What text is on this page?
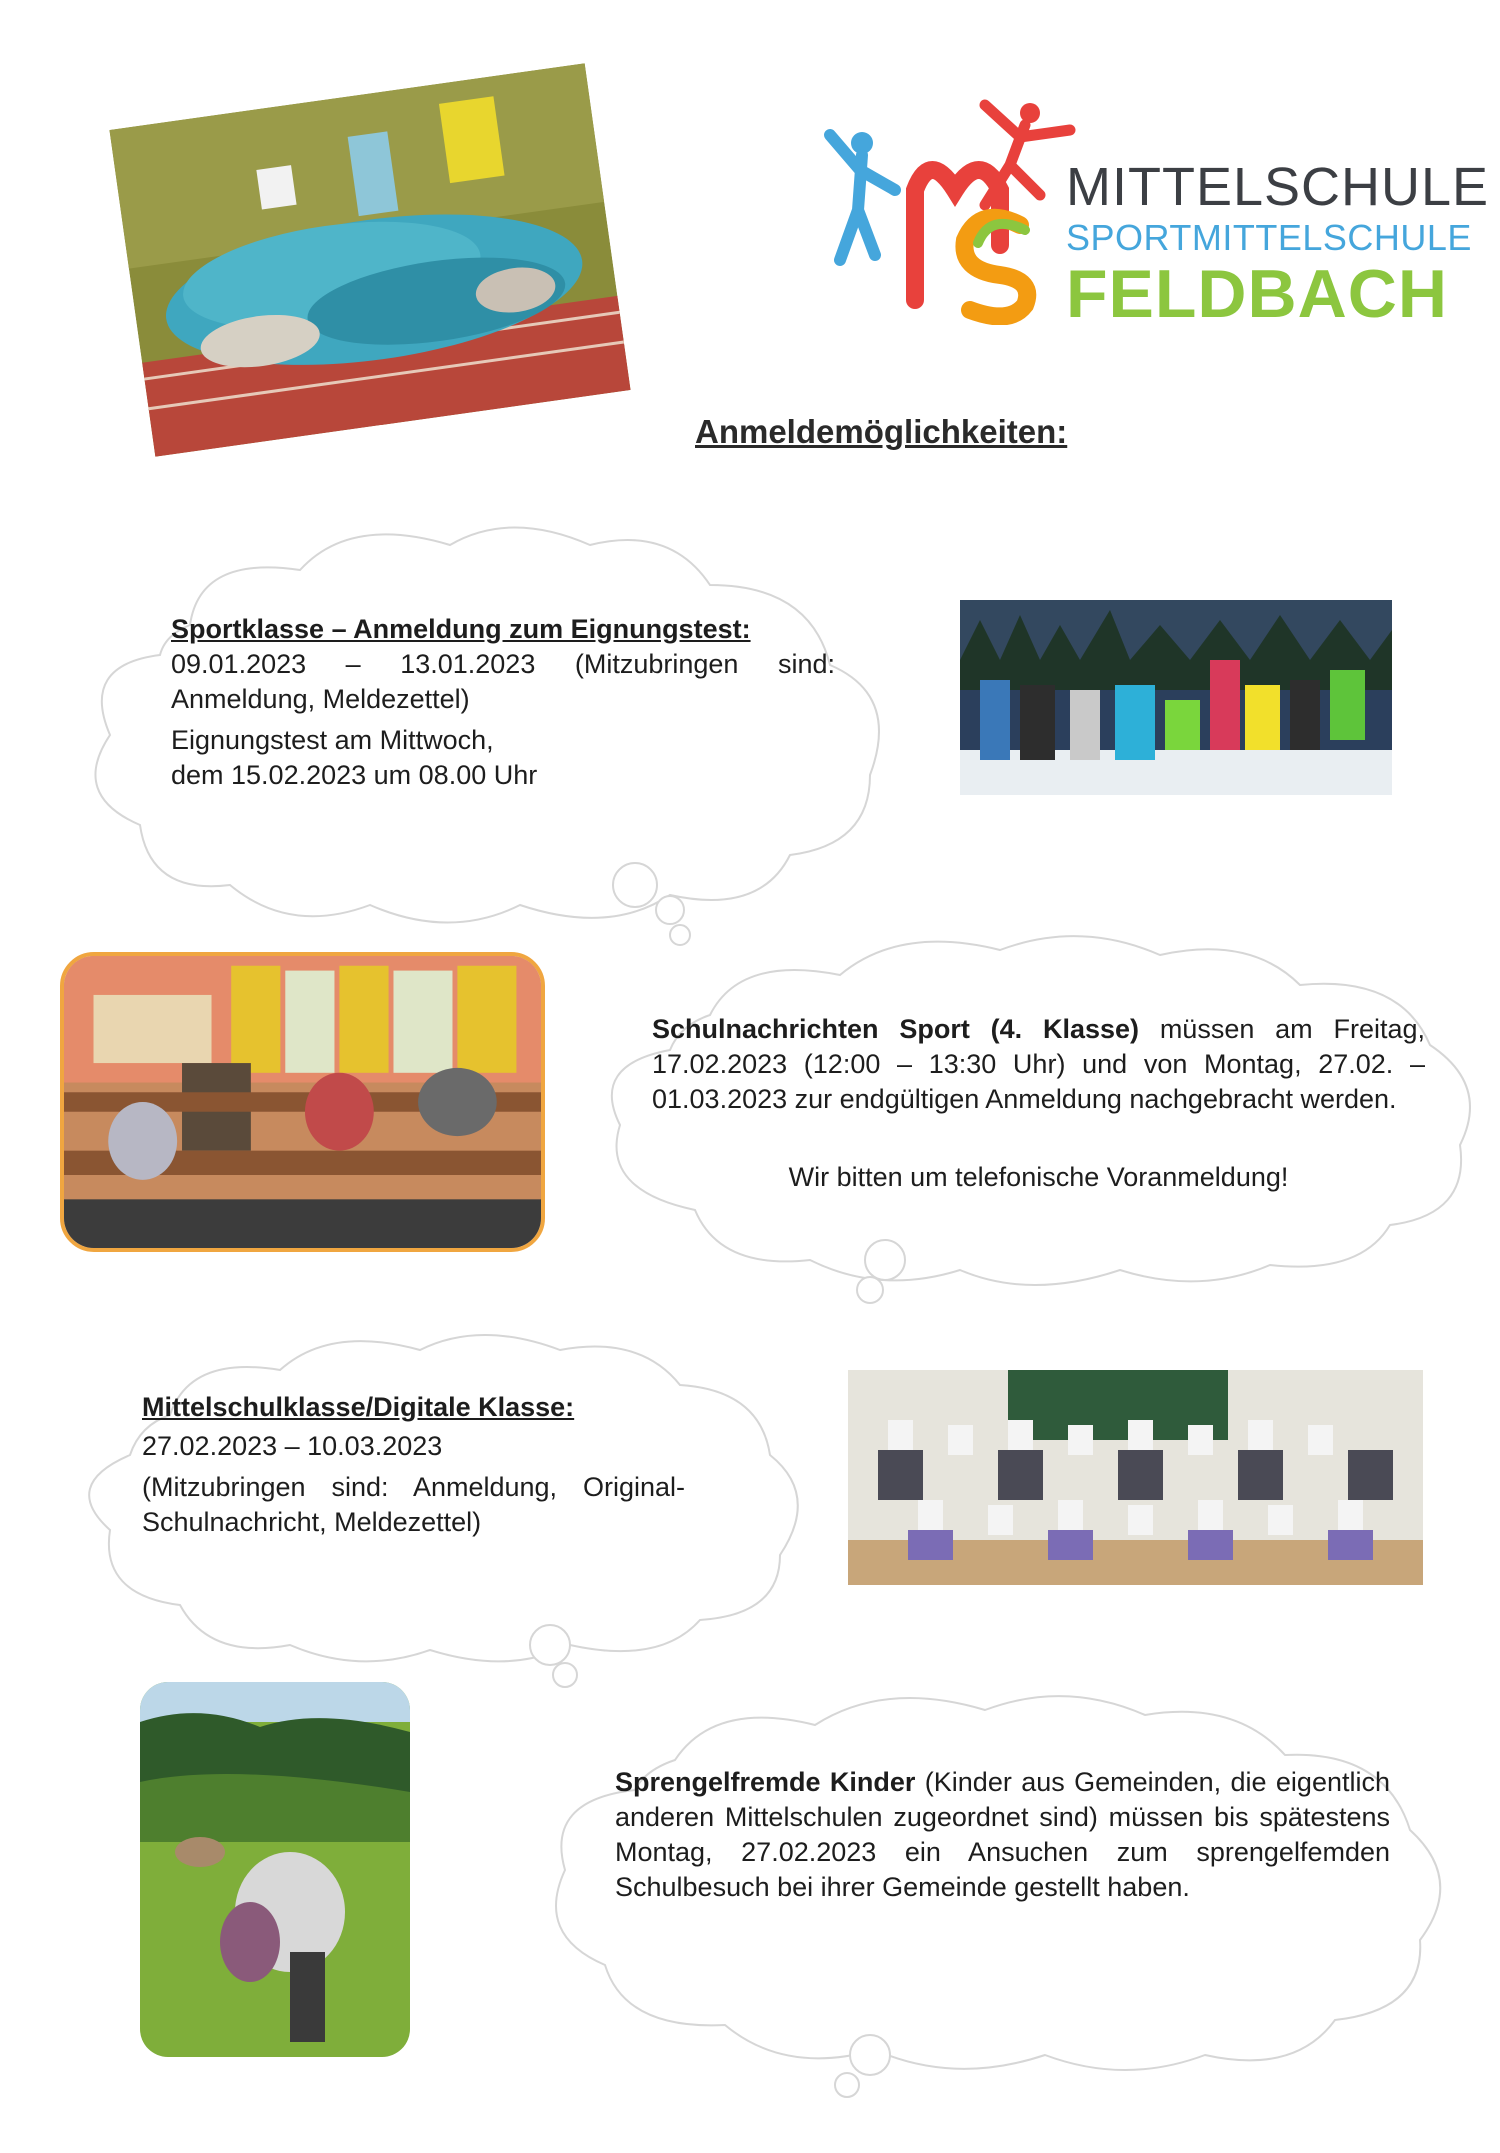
MITTELSCHULE
SPORTMITTELSCHULE
FELDBACH
Anmeldemöglichkeiten:

Sportklasse – Anmeldung zum Eignungstest:

09.01.2023 – 13.01.2023 (Mitzubringen sind: Anmeldung, Meldezettel)

Eignungstest am Mittwoch,

dem 15.02.2023 um 08.00 Uhr

Schulnachrichten Sport (4. Klasse) müssen am Freitag, 17.02.2023 (12:00 – 13:30 Uhr) und von Montag, 27.02. – 01.03.2023 zur endgültigen Anmeldung nachgebracht werden.

Wir bitten um telefonische Voranmeldung!

Mittelschulklasse/Digitale Klasse:

27.02.2023 – 10.03.2023

(Mitzubringen sind: Anmeldung, Original-Schulnachricht, Meldezettel)

Sprengelfremde Kinder (Kinder aus Gemeinden, die eigentlich anderen Mittelschulen zugeordnet sind) müssen bis spätestens Montag, 27.02.2023 ein Ansuchen zum sprengelfemden Schulbesuch bei ihrer Gemeinde gestellt haben.
